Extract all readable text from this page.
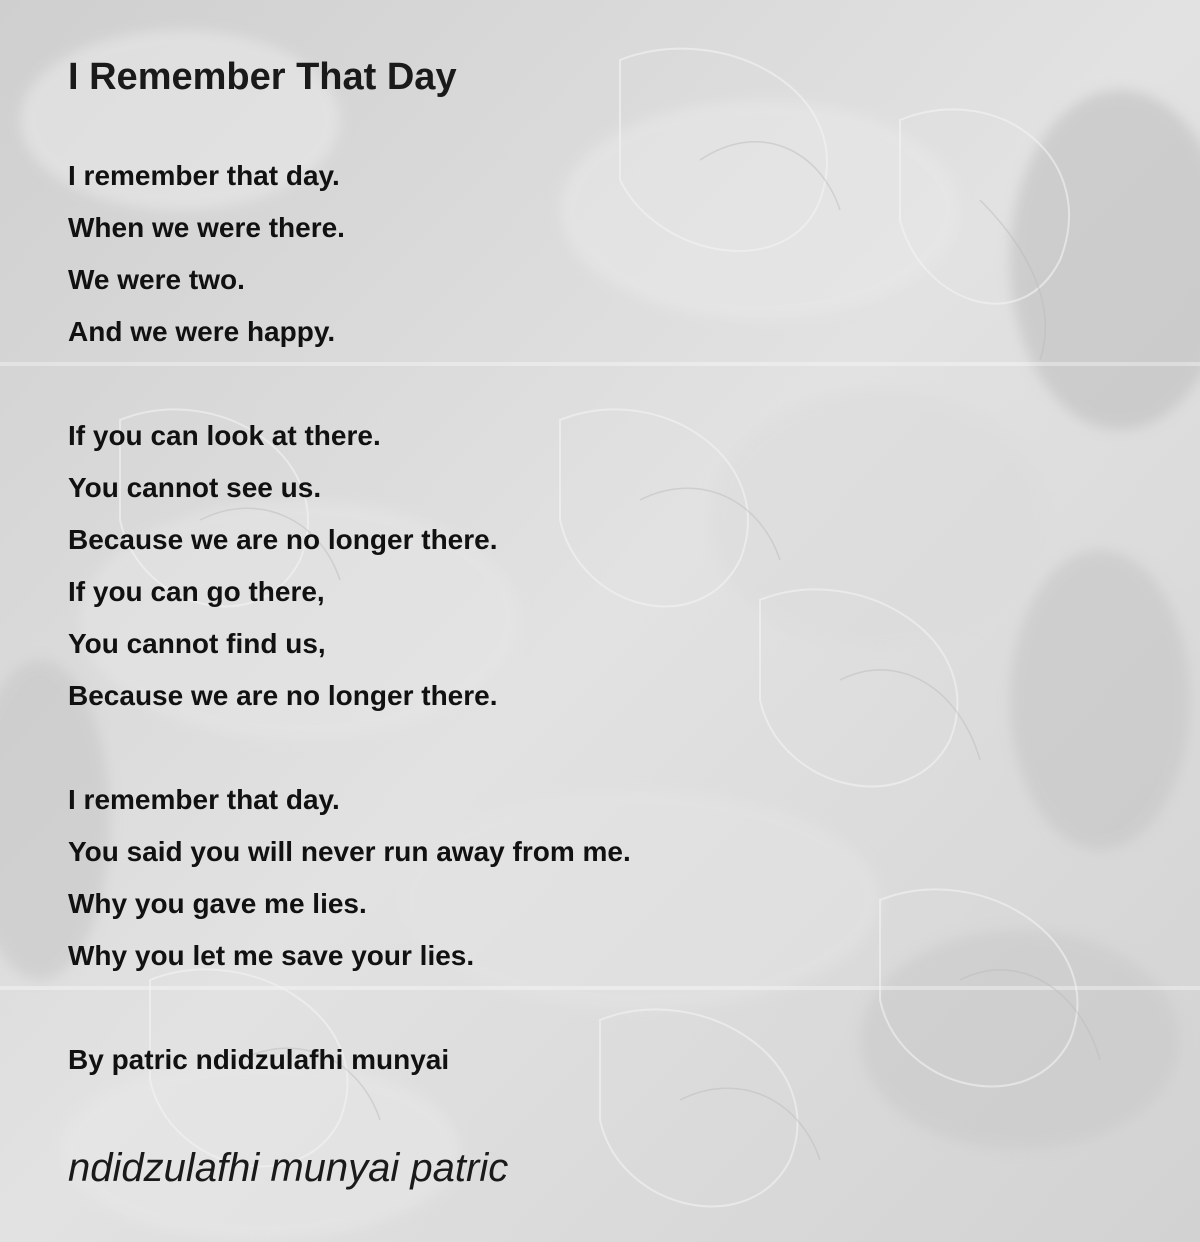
I Remember That Day
I remember that day.
When we were there.
We were two.
And we were happy.
If you can look at there.
You cannot see us.
Because we are no longer there.
If you can go there,
You cannot find us,
Because we are no longer there.
I remember that day.
You said you will never run away from me.
Why you gave me lies.
Why you let me save your lies.
By patric ndidzulafhi munyai
ndidzulafhi munyai patric
